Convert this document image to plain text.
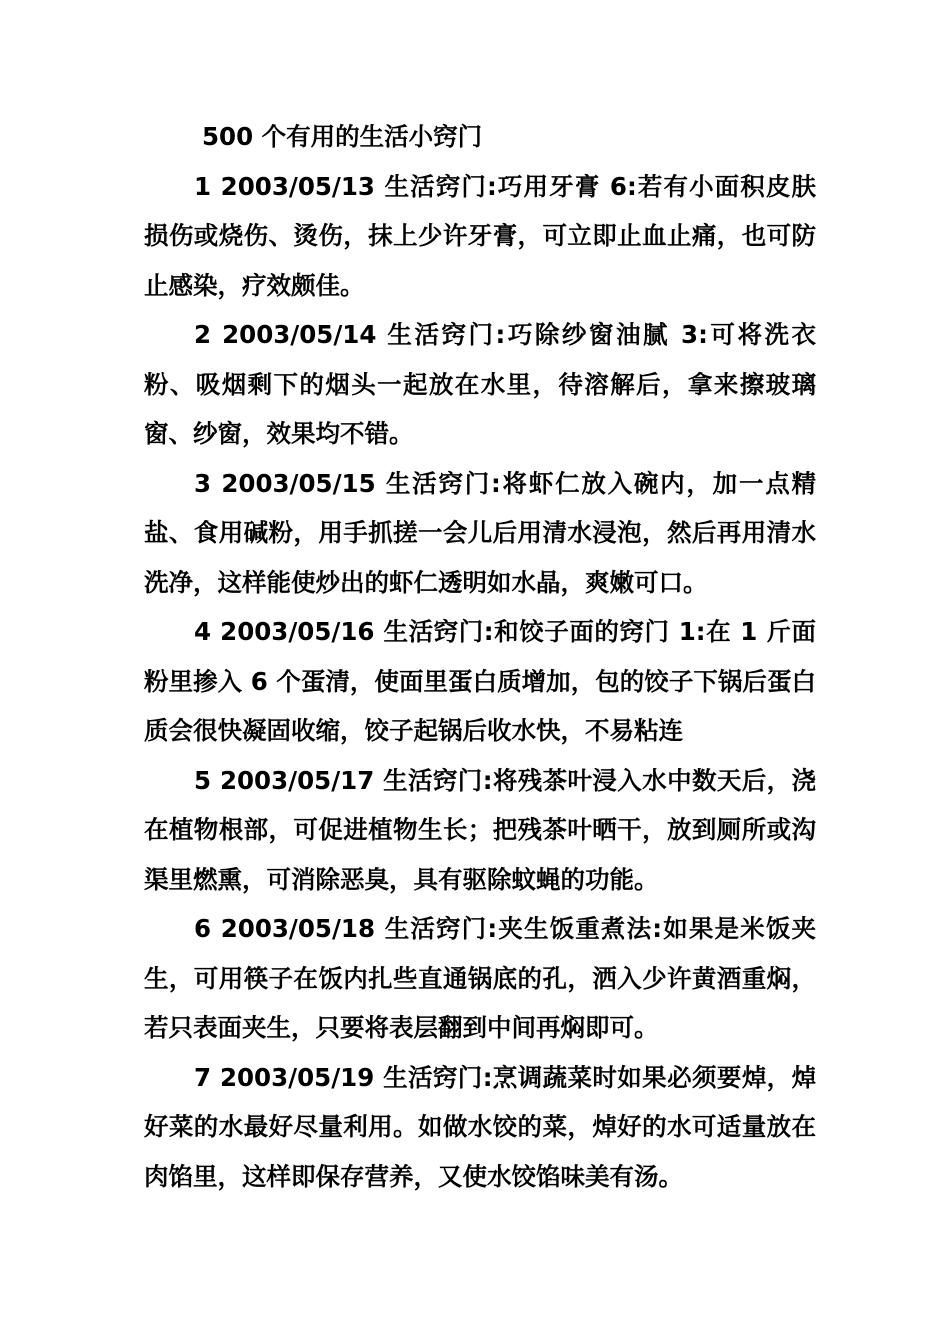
500 个有用的生活小窍门

1 2003/05/13 生活窍门:巧用牙膏 6:若有小面积皮肤损伤或烧伤、烫伤，抹上少许牙膏，可立即止血止痛，也可防止感染，疗效颇佳。

2 2003/05/14 生活窍门:巧除纱窗油腻 3:可将洗衣粉、吸烟剩下的烟头一起放在水里，待溶解后，拿来擦玻璃窗、纱窗，效果均不错。

3 2003/05/15 生活窍门:将虾仁放入碗内，加一点精盐、食用碱粉，用手抓搓一会儿后用清水浸泡，然后再用清水洗净，这样能使炒出的虾仁透明如水晶，爽嫩可口。

4 2003/05/16 生活窍门:和饺子面的窍门 1:在 1 斤面粉里掺入 6 个蛋清，使面里蛋白质增加，包的饺子下锅后蛋白质会很快凝固收缩，饺子起锅后收水快，不易粘连

5 2003/05/17 生活窍门:将残茶叶浸入水中数天后，浇在植物根部，可促进植物生长；把残茶叶晒干，放到厕所或沟渠里燃熏，可消除恶臭，具有驱除蚊蝇的功能。

6 2003/05/18 生活窍门:夹生饭重煮法:如果是米饭夹生，可用筷子在饭内扎些直通锅底的孔，洒入少许黄酒重焖，若只表面夹生，只要将表层翻到中间再焖即可。

7 2003/05/19 生活窍门:烹调蔬菜时如果必须要焯，焯好菜的水最好尽量利用。如做水饺的菜，焯好的水可适量放在肉馅里，这样即保存营养，又使水饺馅味美有汤。
